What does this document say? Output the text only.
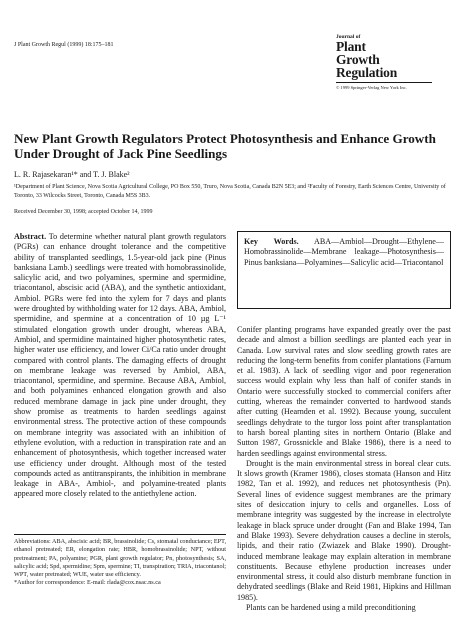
J Plant Growth Regul (1999) 18:175–181
Journal of
Plant
Growth
Regulation
© 1999 Springer-Verlag New York Inc.
New Plant Growth Regulators Protect Photosynthesis and Enhance Growth Under Drought of Jack Pine Seedlings
L. R. Rajasekaran¹* and T. J. Blake²
¹Department of Plant Science, Nova Scotia Agricultural College, PO Box 550, Truro, Nova Scotia, Canada B2N 5E3; and ²Faculty of Forestry, Earth Sciences Centre, University of Toronto, 33 Wilcocks Street, Toronto, Canada M5S 3B3.
Received December 30, 1998; accepted October 14, 1999
Abstract. To determine whether natural plant growth regulators (PGRs) can enhance drought tolerance and the competitive ability of transplanted seedlings, 1.5-year-old jack pine (Pinus banksiana Lamb.) seedlings were treated with homobrassinolide, salicylic acid, and two polyamines, spermine and spermidine, triacontanol, abscisic acid (ABA), and the synthetic antioxidant, Ambiol. PGRs were fed into the xylem for 7 days and plants were droughted by withholding water for 12 days. ABA, Ambiol, spermidine, and spermine at a concentration of 10 µg L⁻¹ stimulated elongation growth under drought, whereas ABA, Ambiol, and spermidine maintained higher photosynthetic rates, higher water use efficiency, and lower Ci/Ca ratio under drought compared with control plants. The damaging effects of drought on membrane leakage was reversed by Ambiol, ABA, triacontanol, spermidine, and spermine. Because ABA, Ambiol, and both polyamines enhanced elongation growth and also reduced membrane damage in jack pine under drought, they show promise as treatments to harden seedlings against environmental stress. The protective action of these compounds on membrane integrity was associated with an inhibition of ethylene evolution, with a reduction in transpiration rate and an enhancement of photosynthesis, which together increased water use efficiency under drought. Although most of the tested compounds acted as antitranspirants, the inhibition in membrane leakage in ABA-, Ambiol-, and polyamine-treated plants appeared more closely related to the antiethylene action.
Abbreviations: ABA, abscisic acid; BR, brassinolide; Cs, stomatal conductance; EPT, ethanol pretreated; ER, elongation rate; HBR, homobrassinolide; NPT, without pretreatment; PA, polyamine; PGR, plant growth regulator; Pn, photosynthesis; SA, salicylic acid; Spd, spermidine; Spm, spermine; TI, transpiration; TRIA, triacontanol; WPT, water pretreated; WUE, water use efficiency.
*Author for correspondence: E-mail: rlada@cox.nsac.ns.ca
Key Words. ABA—Ambiol—Drought—Ethylene—Homobrassinolide—Membrane leakage—Photosynthesis—Pinus banksiana—Polyamines—Salicylic acid—Triacontanol

Conifer planting programs have expanded greatly over the past decade and almost a billion seedlings are planted each year in Canada. Low survival rates and slow seedling growth rates are reducing the long-term benefits from conifer plantations (Farnum et al. 1983). A lack of seedling vigor and poor regeneration success would explain why less than half of conifer stands in Ontario were successfully stocked to commercial conifers after cutting, whereas the remainder converted to hardwood stands after cutting (Hearnden et al. 1992). Because young, succulent seedlings dehydrate to the turgor loss point after transplantation to harsh boreal planting sites in northern Ontario (Blake and Sutton 1987, Grossnickle and Blake 1986), there is a need to harden seedlings against environmental stress.

Drought is the main environmental stress in boreal clear cuts. It slows growth (Kramer 1986), closes stomata (Hanson and Hitz 1982, Tan et al. 1992), and reduces net photosynthesis (Pn). Several lines of evidence suggest membranes are the primary sites of desiccation injury to cells and organelles. Loss of membrane integrity was suggested by the increase in electrolyte leakage in black spruce under drought (Fan and Blake 1994, Tan and Blake 1993). Severe dehydration causes a decline in sterols, lipids, and their ratio (Zwiazek and Blake 1990). Drought-induced membrane leakage may explain alteration in membrane constituents. Because ethylene production increases under environmental stress, it could also disturb membrane function in dehydrated seedlings (Blake and Reid 1981, Hipkins and Hillman 1985).

Plants can be hardened using a mild preconditioning
